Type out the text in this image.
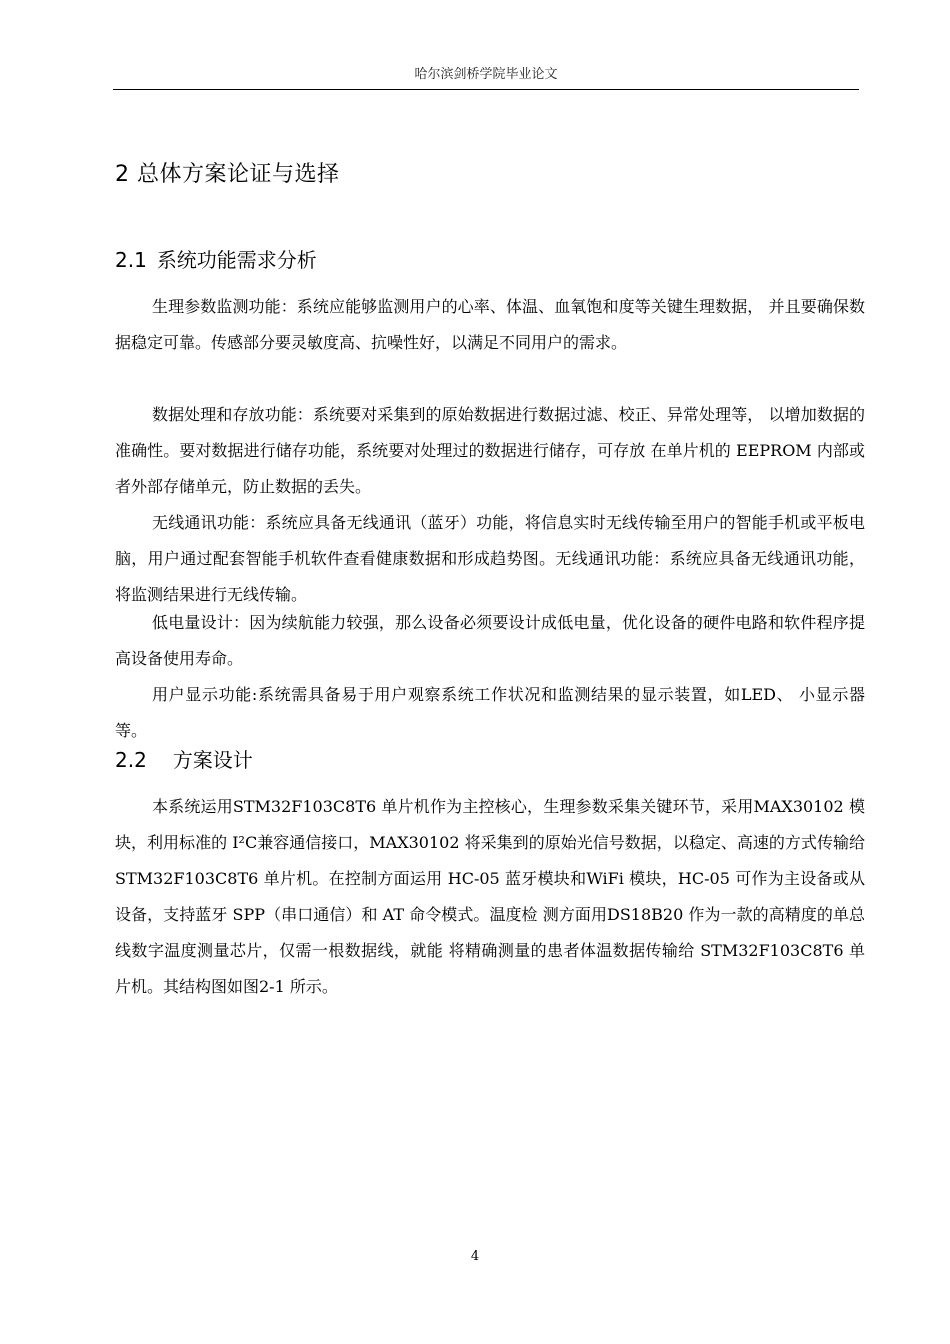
哈尔滨剑桥学院毕业论文
2 总体方案论证与选择
2.1 系统功能需求分析

生理参数监测功能：系统应能够监测用户的心率、体温、血氧饱和度等关键生理数据， 并且要确保数据稳定可靠。传感部分要灵敏度高、抗噪性好，以满足不同用户的需求。

数据处理和存放功能：系统要对采集到的原始数据进行数据过滤、校正、异常处理等， 以增加数据的准确性。要对数据进行储存功能，系统要对处理过的数据进行储存，可存放 在单片机的 EEPROM 内部或者外部存储单元，防止数据的丢失。

无线通讯功能：系统应具备无线通讯（蓝牙）功能，将信息实时无线传输至用户的智能手机或平板电脑，用户通过配套智能手机软件查看健康数据和形成趋势图。无线通讯功能：系统应具备无线通讯功能，将监测结果进行无线传输。

低电量设计：因为续航能力较强，那么设备必须要设计成低电量，优化设备的硬件电路和软件程序提高设备使用寿命。

用户显示功能:系统需具备易于用户观察系统工作状况和监测结果的显示装置，如LED、 小显示器等。

2.2 方案设计

本系统运用STM32F103C8T6 单片机作为主控核心，生理参数采集关键环节，采用MAX30102 模块，利用标准的 I²C兼容通信接口，MAX30102 将采集到的原始光信号数据，以稳定、高速的方式传输给 STM32F103C8T6 单片机。在控制方面运用 HC-05 蓝牙模块和WiFi 模块，HC-05 可作为主设备或从设备，支持蓝牙 SPP（串口通信）和 AT 命令模式。温度检 测方面用DS18B20 作为一款的高精度的单总线数字温度测量芯片，仅需一根数据线，就能 将精确测量的患者体温数据传输给 STM32F103C8T6 单片机。其结构图如图2-1 所示。

4
